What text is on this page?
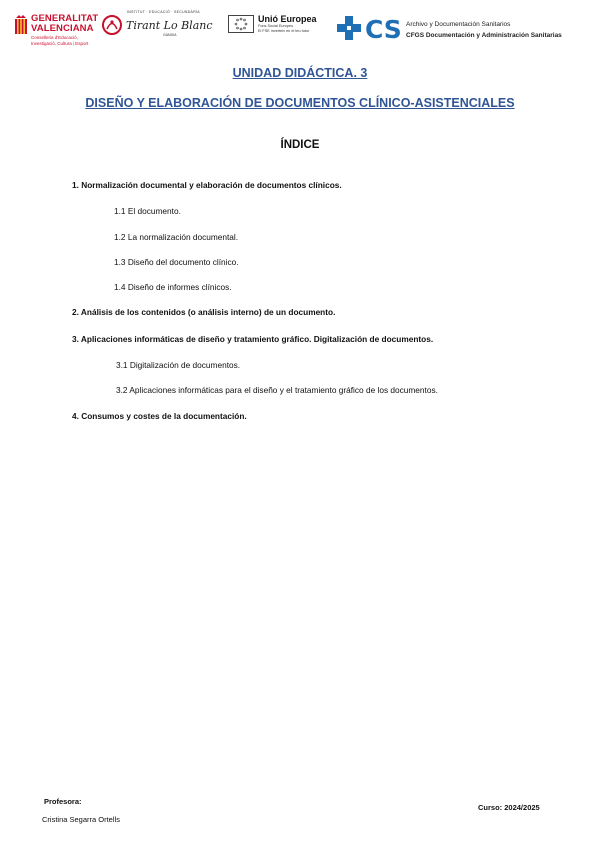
GENERALITAT
VALENCIANA
Conselleria d'Educació,
Investigació, Cultura i Esport
INSTITUT · EDUCACIÓ · SECUNDÀRIA
Tirant Lo Blanc
GANDIA
Unió Europea
Fons Social Europeu
El FSE inverteix en el teu futur CS Archivo y Documentación Sanitarios
CFGS Documentación y Administración Sanitarias
UNIDAD DIDÁCTICA. 3
DISEÑO Y ELABORACIÓN DE DOCUMENTOS CLÍNICO-ASISTENCIALES
ÍNDICE
1. Normalización documental y elaboración de documentos clínicos.
1.1 El documento.
1.2 La normalización documental.
1.3 Diseño del documento clínico.
1.4 Diseño de informes clínicos.
2. Análisis de los contenidos (o análisis interno) de un documento.
3. Aplicaciones informáticas de diseño y tratamiento gráfico. Digitalización de documentos.
3.1 Digitalización de documentos.
3.2 Aplicaciones informáticas para el diseño y el tratamiento gráfico de los documentos.
4. Consumos y costes de la documentación.
Profesora:
Cristina Segarra Ortells
Curso: 2024/2025
